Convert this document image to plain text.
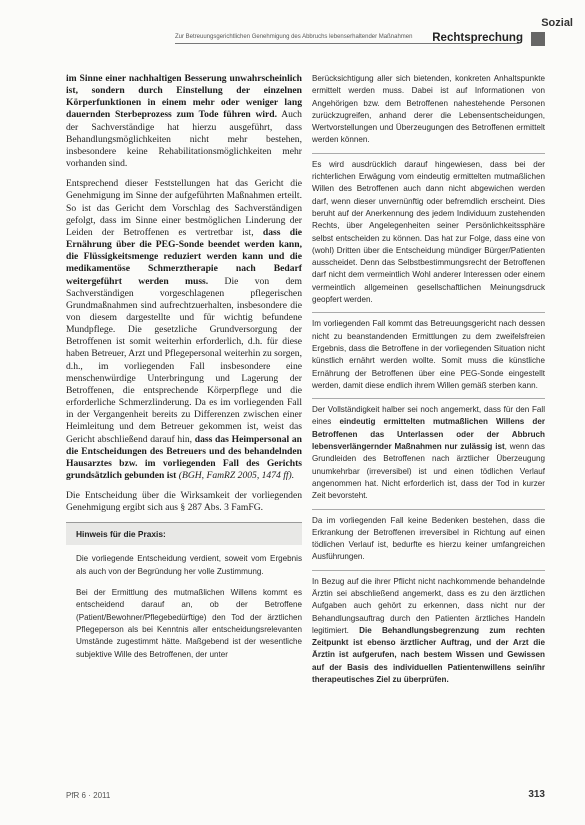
Sozial
Zur Betreuungsgerichtlichen Genehmigung des Abbruchs lebenserhaltender Maßnahmen Rechtsprechung

im Sinne einer nachhaltigen Besserung unwahrscheinlich ist, sondern durch Einstellung der einzelnen Körperfunktionen in einem mehr oder weniger lang dauernden Sterbeprozess zum Tode führen wird. Auch der Sachverständige hat hierzu ausgeführt, dass Behandlungsmöglichkeiten nicht mehr bestehen, insbesondere keine Rehabilitationsmöglichkeiten mehr vorhanden sind.

Entsprechend dieser Feststellungen hat das Gericht die Genehmigung im Sinne der aufgeführten Maßnahmen erteilt. So ist das Gericht dem Vorschlag des Sachverständigen gefolgt, dass im Sinne einer bestmöglichen Linderung der Leiden der Betroffenen es vertretbar ist, dass die Ernährung über die PEG-Sonde beendet werden kann, die Flüssigkeitsmenge reduziert werden kann und die medikamentöse Schmerztherapie nach Bedarf weitergeführt werden muss. Die von dem Sachverständigen vorgeschlagenen pflegerischen Grundmaßnahmen sind aufrechtzuerhalten, insbesondere die von diesem dargestellte und für wichtig befundene Mundpflege. Die gesetzliche Grundversorgung der Betroffenen ist somit weiterhin erforderlich, d.h. für diese haben Betreuer, Arzt und Pflegepersonal weiterhin zu sorgen, d.h., im vorliegenden Fall insbesondere eine menschenwürdige Unterbringung und Lagerung der Betroffenen, die entsprechende Körperpflege und die erforderliche Schmerzlinderung. Da es im vorliegenden Fall in der Vergangenheit bereits zu Differenzen zwischen einer Heimleitung und dem Betreuer gekommen ist, weist das Gericht abschließend darauf hin, dass das Heimpersonal an die Entscheidungen des Betreuers und des behandelnden Hausarztes bzw. im vorliegenden Fall des Gerichts grundsätzlich gebunden ist (BGH, FamRZ 2005, 1474 ff).

Die Entscheidung über die Wirksamkeit der vorliegenden Genehmigung ergibt sich aus § 287 Abs. 3 FamFG.

Hinweis für die Praxis:

Die vorliegende Entscheidung verdient, soweit vom Ergebnis als auch von der Begründung her volle Zustimmung.

Bei der Ermittlung des mutmaßlichen Willens kommt es entscheidend darauf an, ob der Betroffene (Patient/Bewohner/Pflegebedürftige) den Tod der ärztlichen Pflegeperson als bei Kenntnis aller entscheidungsrelevanten Umstände zugestimmt hätte. Maßgebend ist der wesentliche subjektive Wille des Betroffenen, der unter

Berücksichtigung aller sich bietenden, konkreten Anhaltspunkte ermittelt werden muss. Dabei ist auf Informationen von Angehörigen bzw. dem Betroffenen nahestehende Personen zurückzugreifen, anhand derer die Lebensentscheidungen, Wertvorstellungen und Überzeugungen des Betroffenen ermittelt werden können.

Es wird ausdrücklich darauf hingewiesen, dass bei der richterlichen Erwägung vom eindeutig ermittelten mutmaßlichen Willen des Betroffenen auch dann nicht abgewichen werden darf, wenn dieser unvernünftig oder befremdlich erscheint. Dies beruht auf der Anerkennung des jedem Individuum zustehenden Rechts, über Angelegenheiten seiner Persönlichkeitssphäre selbst entscheiden zu können. Das hat zur Folge, dass eine von (wohl) Dritten über die Entscheidung mündiger Bürger/Patienten ausscheidet. Denn das Selbstbestimmungsrecht der Betroffenen darf nicht dem vermeintlich Wohl anderer Interessen oder einem vermeintlich allgemeinen gesellschaftlichen Meinungsdruck geopfert werden.

Im vorliegenden Fall kommt das Betreuungsgericht nach dessen nicht zu beanstandenden Ermittlungen zu dem zweifelsfreien Ergebnis, dass die Betroffene in der vorliegenden Situation nicht künstlich ernährt werden wollte. Somit muss die künstliche Ernährung der Betroffenen über eine PEG-Sonde eingestellt werden, damit diese endlich ihrem Willen gemäß sterben kann.

Der Vollständigkeit halber sei noch angemerkt, dass für den Fall eines eindeutig ermittelten mutmaßlichen Willens der Betroffenen das Unterlassen oder der Abbruch lebensverlängernder Maßnahmen nur zulässig ist, wenn das Grundleiden des Betroffenen nach ärztlicher Überzeugung unumkehrbar (irreversibel) ist und einen tödlichen Verlauf angenommen hat. Nicht erforderlich ist, dass der Tod in kurzer Zeit bevorsteht.

Da im vorliegenden Fall keine Bedenken bestehen, dass die Erkrankung der Betroffenen irreversibel in Richtung auf einen tödlichen Verlauf ist, bedurfte es hierzu keiner umfangreichen Ausführungen.

In Bezug auf die ihrer Pflicht nicht nachkommende behandelnde Ärztin sei abschließend angemerkt, dass es zu den ärztlichen Aufgaben auch gehört zu erkennen, dass nicht nur der Behandlungsauftrag durch den Patienten ärztliches Handeln legitimiert. Die Behandlungsbegrenzung zum rechten Zeitpunkt ist ebenso ärztlicher Auftrag, und der Arzt die Ärztin ist aufgerufen, nach bestem Wissen und Gewissen auf der Basis des individuellen Patientenwillens sein/ihr therapeutisches Ziel zu überprüfen.

PfR 6 · 2011	313
